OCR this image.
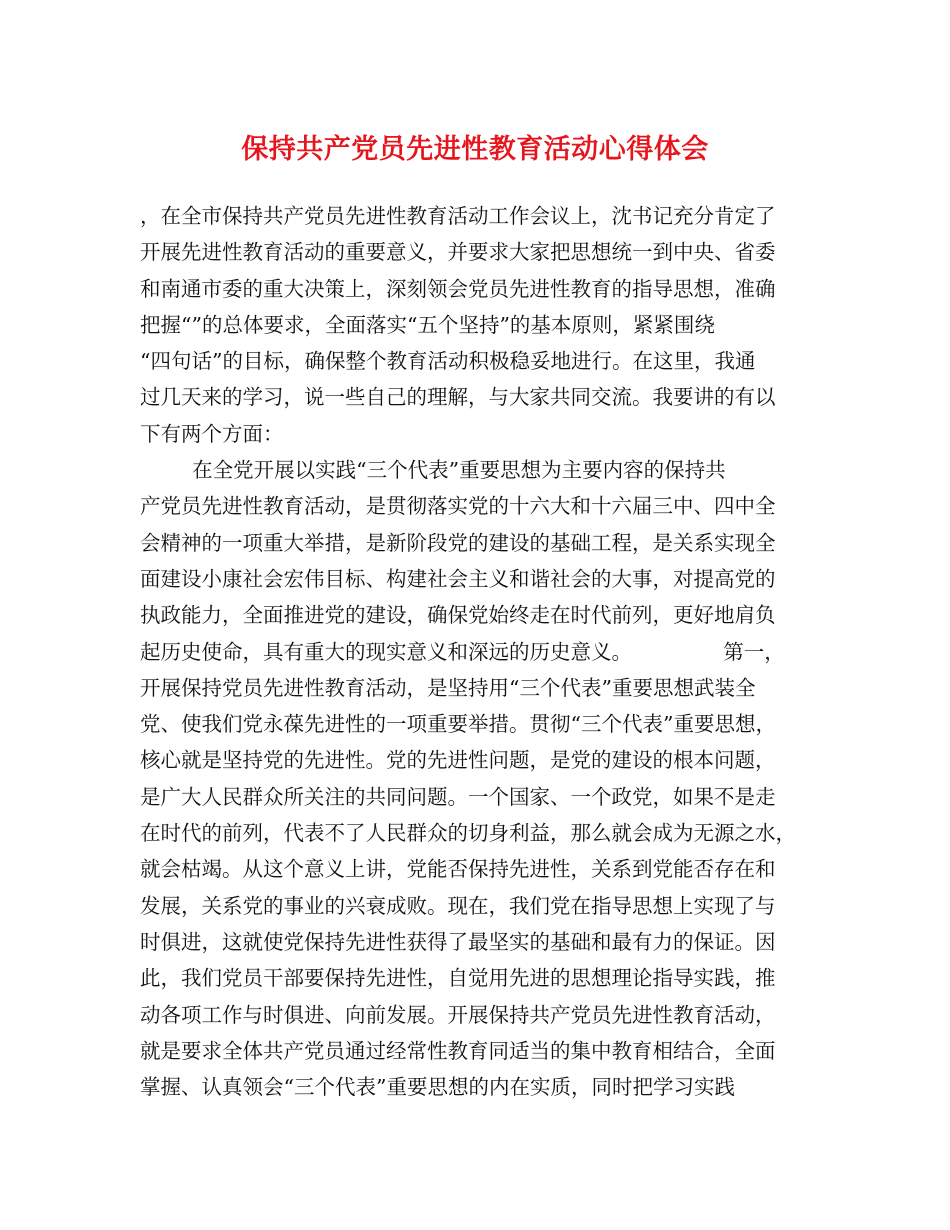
保持共产党员先进性教育活动心得体会
，在全市保持共产党员先进性教育活动工作会议上，沈书记充分肯定了
开展先进性教育活动的重要意义，并要求大家把思想统一到中央、省委
和南通市委的重大决策上，深刻领会党员先进性教育的指导思想，准确
把握“”的总体要求，全面落实“五个坚持”的基本原则，紧紧围绕
“四句话”的目标，确保整个教育活动积极稳妥地进行。在这里，我通
过几天来的学习，说一些自己的理解，与大家共同交流。我要讲的有以
下有两个方面：
在全党开展以实践“三个代表”重要思想为主要内容的保持共
产党员先进性教育活动，是贯彻落实党的十六大和十六届三中、四中全
会精神的一项重大举措，是新阶段党的建设的基础工程，是关系实现全
面建设小康社会宏伟目标、构建社会主义和谐社会的大事，对提高党的
执政能力，全面推进党的建设，确保党始终走在时代前列，更好地肩负
起历史使命，具有重大的现实意义和深远的历史意义。              第一，
开展保持党员先进性教育活动，是坚持用“三个代表”重要思想武装全
党、使我们党永葆先进性的一项重要举措。贯彻“三个代表”重要思想，
核心就是坚持党的先进性。党的先进性问题，是党的建设的根本问题，
是广大人民群众所关注的共同问题。一个国家、一个政党，如果不是走
在时代的前列，代表不了人民群众的切身利益，那么就会成为无源之水，
就会枯竭。从这个意义上讲，党能否保持先进性，关系到党能否存在和
发展，关系党的事业的兴衰成败。现在，我们党在指导思想上实现了与
时俱进，这就使党保持先进性获得了最坚实的基础和最有力的保证。因
此，我们党员干部要保持先进性，自觉用先进的思想理论指导实践，推
动各项工作与时俱进、向前发展。开展保持共产党员先进性教育活动，
就是要求全体共产党员通过经常性教育同适当的集中教育相结合，全面
掌握、认真领会“三个代表”重要思想的内在实质，同时把学习实践
